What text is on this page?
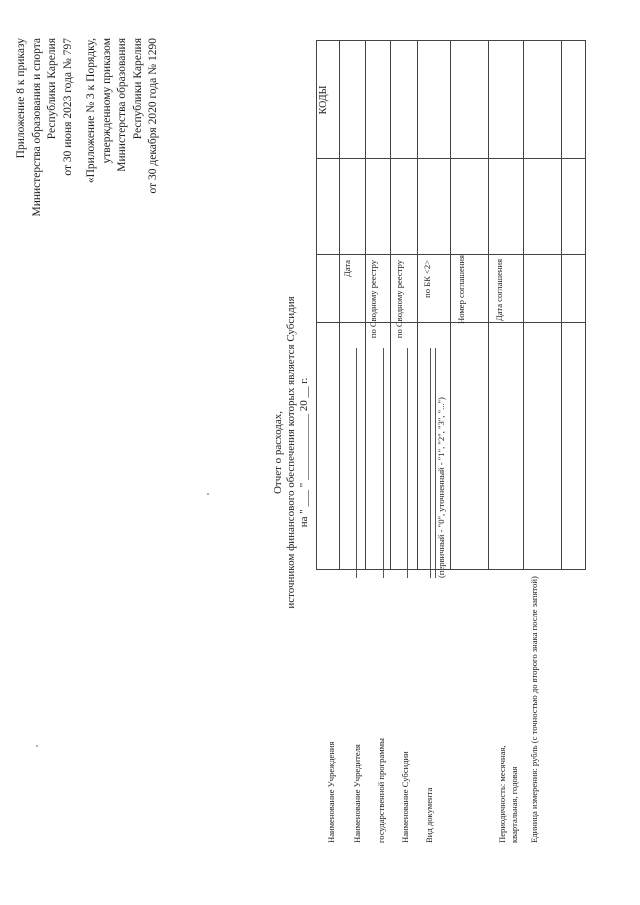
Приложение 8 к приказу Министерства образования и спорта Республики Карелия от 30 июня 2023 года № 797 «Приложение № 3 к Порядку, утвержденному приказом Министерства образования Республики Карелия от 30 декабря 2020 года № 1290
Отчет о расходах, источником финансового обеспечения которых является Субсидия на " ___ " ____________ 20 __ г.
Наименование Учреждения Наименование Учредителя государственной программы Наименование Субсидии Вид документа
(первичный - "0", уточненный - "1", "2", "3", "...")
Периодичность: месячная, квартальная, годовая Единица измерения: рубль (с точностью до второго знака после запятой)
КОДЫ
Дата по Сводному реестру по Сводному реестру по БК <2>	Номер соглашения	Дата соглашения
